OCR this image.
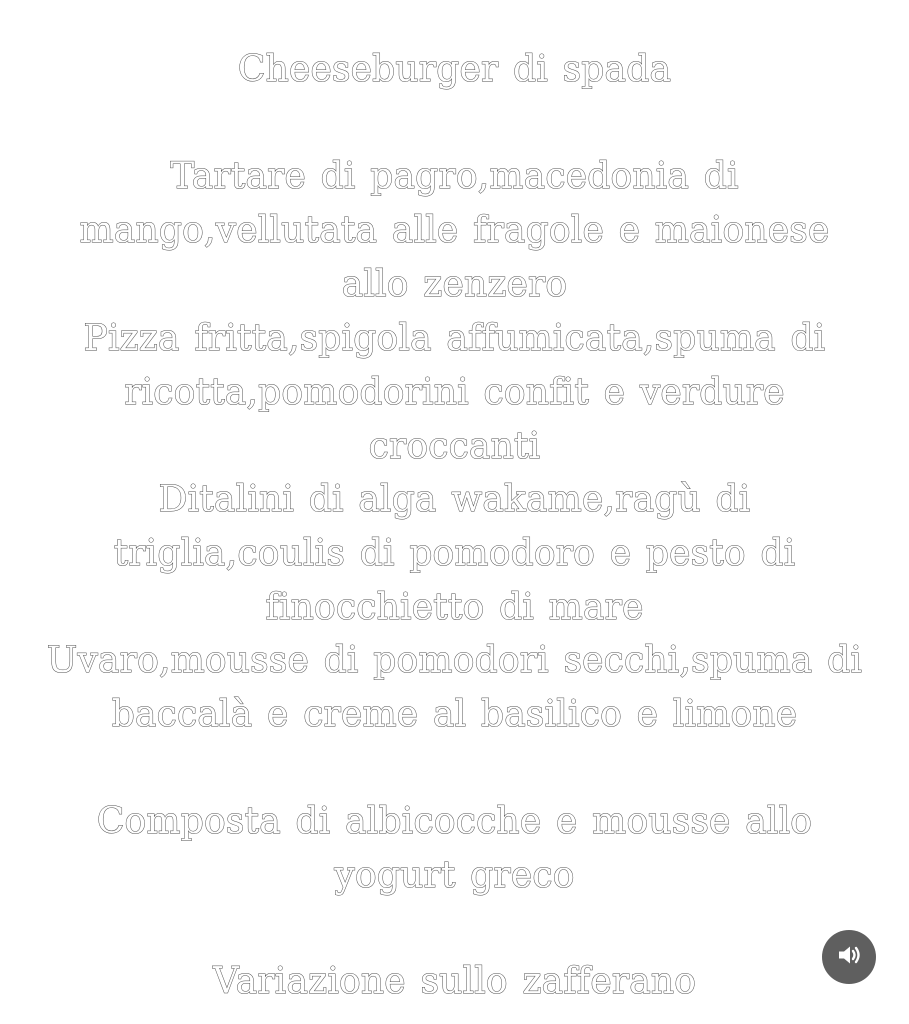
Cheeseburger di spada

Tartare di pagro,macedonia di mango,vellutata alle fragole e maionese allo zenzero

Pizza fritta,spigola affumicata,spuma di ricotta,pomodorini confit e verdure croccanti

Ditalini di alga wakame,ragù di triglia,coulis di pomodoro e pesto di finocchietto di mare

Uvaro,mousse di pomodori secchi,spuma di baccalà e creme al basilico e limone

Composta di albicocche e mousse allo yogurt greco

Variazione sullo zafferano
